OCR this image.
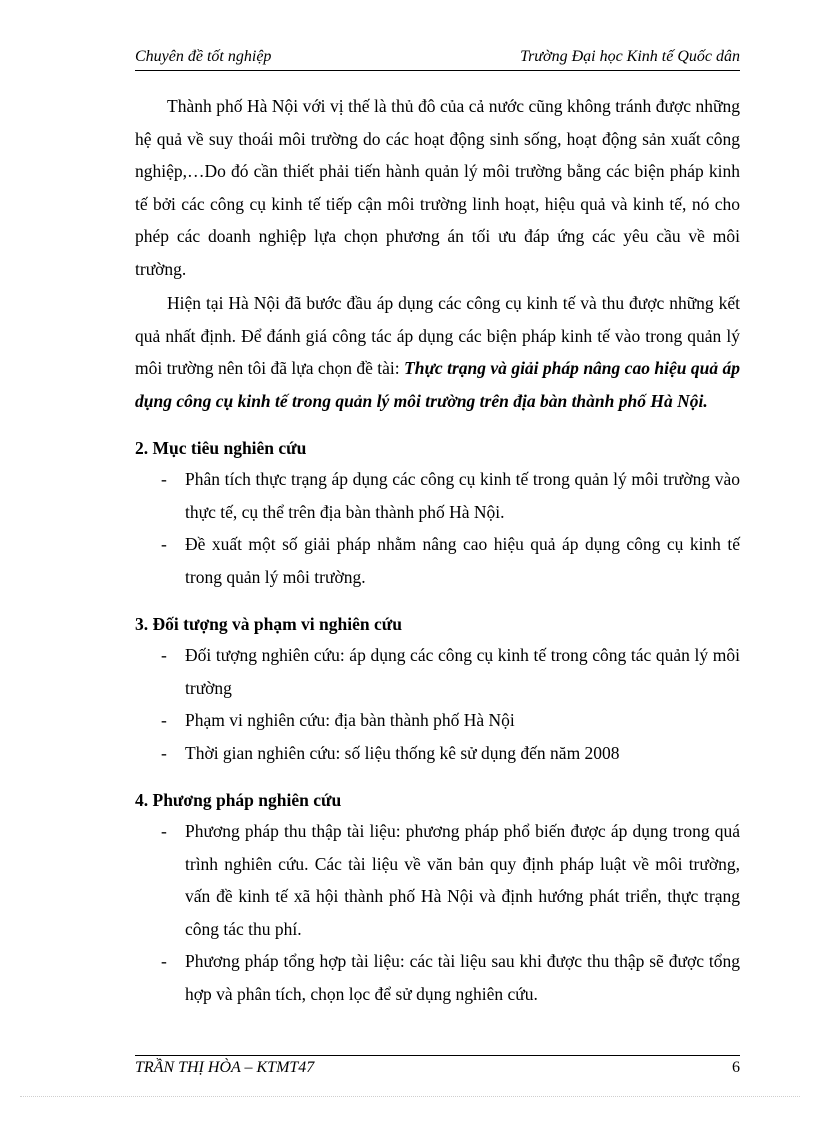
Chuyên đề tốt nghiệp	Trường Đại học Kinh tế Quốc dân

Thành phố Hà Nội với vị thế là thủ đô của cả nước cũng không tránh được những hệ quả về suy thoái môi trường do các hoạt động sinh sống, hoạt động sản xuất công nghiệp,…Do đó cần thiết phải tiến hành quản lý môi trường bằng các biện pháp kinh tế bởi các công cụ kinh tế tiếp cận môi trường linh hoạt, hiệu quả và kinh tế, nó cho phép các doanh nghiệp lựa chọn phương án tối ưu đáp ứng các yêu cầu về môi trường.

Hiện tại Hà Nội đã bước đầu áp dụng các công cụ kinh tế và thu được những kết quả nhất định. Để đánh giá công tác áp dụng các biện pháp kinh tế vào trong quản lý môi trường nên tôi đã lựa chọn đề tài: Thực trạng và giải pháp nâng cao hiệu quả áp dụng công cụ kinh tế trong quản lý môi trường trên địa bàn thành phố Hà Nội.

2. Mục tiêu nghiên cứu

- Phân tích thực trạng áp dụng các công cụ kinh tế trong quản lý môi trường vào thực tế, cụ thể trên địa bàn thành phố Hà Nội.
- Đề xuất một số giải pháp nhằm nâng cao hiệu quả áp dụng công cụ kinh tế trong quản lý môi trường.

3. Đối tượng và phạm vi nghiên cứu

- Đối tượng nghiên cứu: áp dụng các công cụ kinh tế trong công tác quản lý môi trường
- Phạm vi nghiên cứu: địa bàn thành phố Hà Nội
- Thời gian nghiên cứu: số liệu thống kê sử dụng đến năm 2008

4. Phương pháp nghiên cứu

- Phương pháp thu thập tài liệu: phương pháp phổ biến được áp dụng trong quá trình nghiên cứu. Các tài liệu về văn bản quy định pháp luật về môi trường, vấn đề kinh tế xã hội thành phố Hà Nội và định hướng phát triển, thực trạng công tác thu phí.
- Phương pháp tổng hợp tài liệu: các tài liệu sau khi được thu thập sẽ được tổng hợp và phân tích, chọn lọc để sử dụng nghiên cứu.
TRẦN THỊ HÒA – KTMT47	6
